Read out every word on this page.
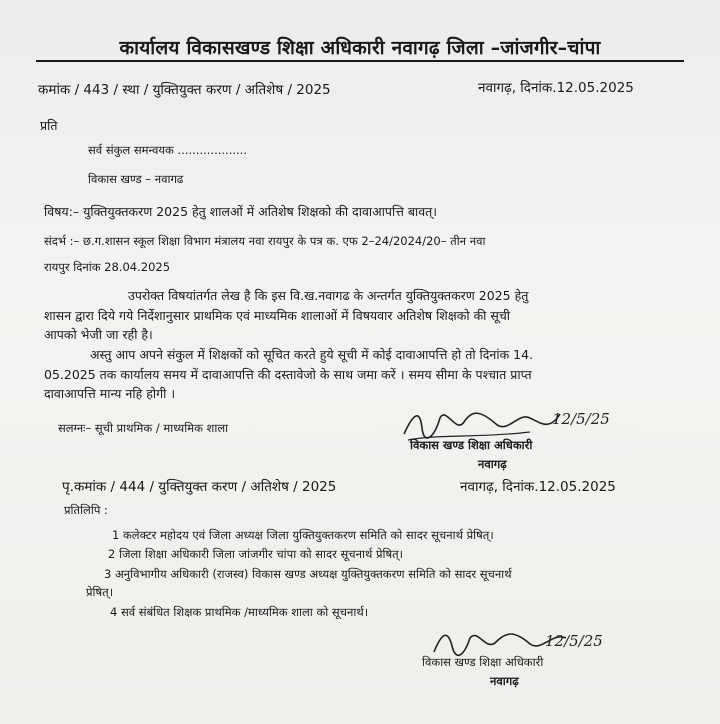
कार्यालय विकासखण्ड शिक्षा अधिकारी नवागढ़ जिला –जांजगीर–चांपा
कमांक / 443 / स्था / युक्तियुक्त करण / अतिशेष / 2025	नवागढ़, दिनांक.12.05.2025
प्रति
सर्व संकुल समन्वयक ...................
विकास खण्ड – नवागढ
विषय:– युक्तियुक्तकरण 2025 हेतु शालओं में अतिशेष शिक्षको की दावाआपत्ति बावत्।
संदर्भ :– छ.ग.शासन स्कूल शिक्षा विभाग मंत्रालय नवा रायपुर के पत्र क. एफ 2–24/2024/20– तीन नवा
रायपुर दिनांक 28.04.2025
उपरोक्त विषयांतर्गत लेख है कि इस वि.ख.नवागढ के अन्तर्गत युक्तियुक्तकरण 2025 हेतु
शासन द्वारा दिये गये निर्देशानुसार प्राथमिक एवं माध्यमिक शालाओं में विषयवार अतिशेष शिक्षको की सूची
आपको भेजी जा रही है।
अस्तु आप अपने संकुल में शिक्षकों को सूचित करते हुये सूची में कोई दावाआपत्ति हो तो दिनांक 14.
05.2025 तक कार्यालय समय में दावाआपत्ति की दस्तावेजो के साथ जमा करें । समय सीमा के पश्चात प्राप्त
दावाआपत्ति मान्य नहि होगी ।
सलग्नः– सूची प्राथमिक / माध्यमिक शाला	12/5/25
विकास खण्ड शिक्षा अधिकारी
नवागढ़
पृ.कमांक / 444 / युक्तियुक्त करण / अतिशेष / 2025	नवागढ़, दिनांक.12.05.2025
प्रतिलिपि :
1 कलेक्टर महोदय एवं जिला अध्यक्ष जिला युक्तियुक्तकरण समिति को सादर सूचनार्थ प्रेषित्।
2 जिला शिक्षा अधिकारी जिला जांजगीर चांपा को सादर सूचनार्थ प्रेषित्।
3 अनुविभागीय अधिकारी (राजस्व) विकास खण्ड अध्यक्ष युक्तियुक्तकरण समिति को सादर सूचनार्थ
प्रेषित्।
4 सर्व संबंधित शिक्षक प्राथमिक /माध्यमिक शाला को सूचनार्थ।
12/5/25
विकास खण्ड शिक्षा अधिकारी
नवागढ़
